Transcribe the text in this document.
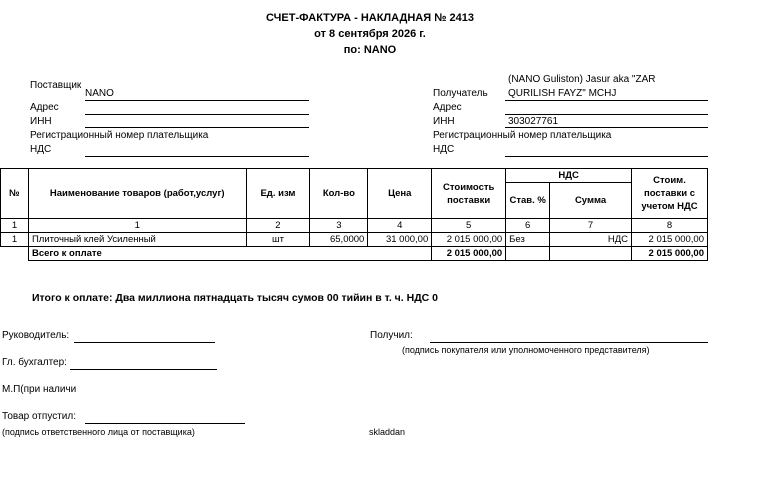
СЧЕТ-ФАКТУРА - НАКЛАДНАЯ № 2413
от 8 сентября 2026 г.
по: NANO
Поставщик
NANO
Адрес
ИНН
Регистрационный номер плательщика
НДС
(NANO Guliston) Jasur aka "ZAR
Получатель QURILISH FAYZ" MCHJ
Адрес
ИНН	303027761
Регистрационный номер плательщика
НДС
№	Наименование товаров (работ,услуг)	Ед. изм	Кол-во	Цена	Стоимость поставки	НДС		Стоим. поставки с учетом НДС
						Став. %	Сумма	
1	1	2	3	4	5	6	7	8
1	Плиточный клей Усиленный	шт	65,0000	31 000,00	2 015 000,00	Без	НДС	2 015 000,00
	Всего к оплате				2 015 000,00			2 015 000,00
Итого к оплате: Два миллиона пятнадцать тысяч сумов 00 тийин в т. ч. НДС 0
Руководитель:	Получил:
(подпись покупателя или уполномоченного представителя)
Гл. бухгалтер:
М.П(при наличи
Товар отпустил:
(подпись ответственного лица от поставщика)	skladdan
